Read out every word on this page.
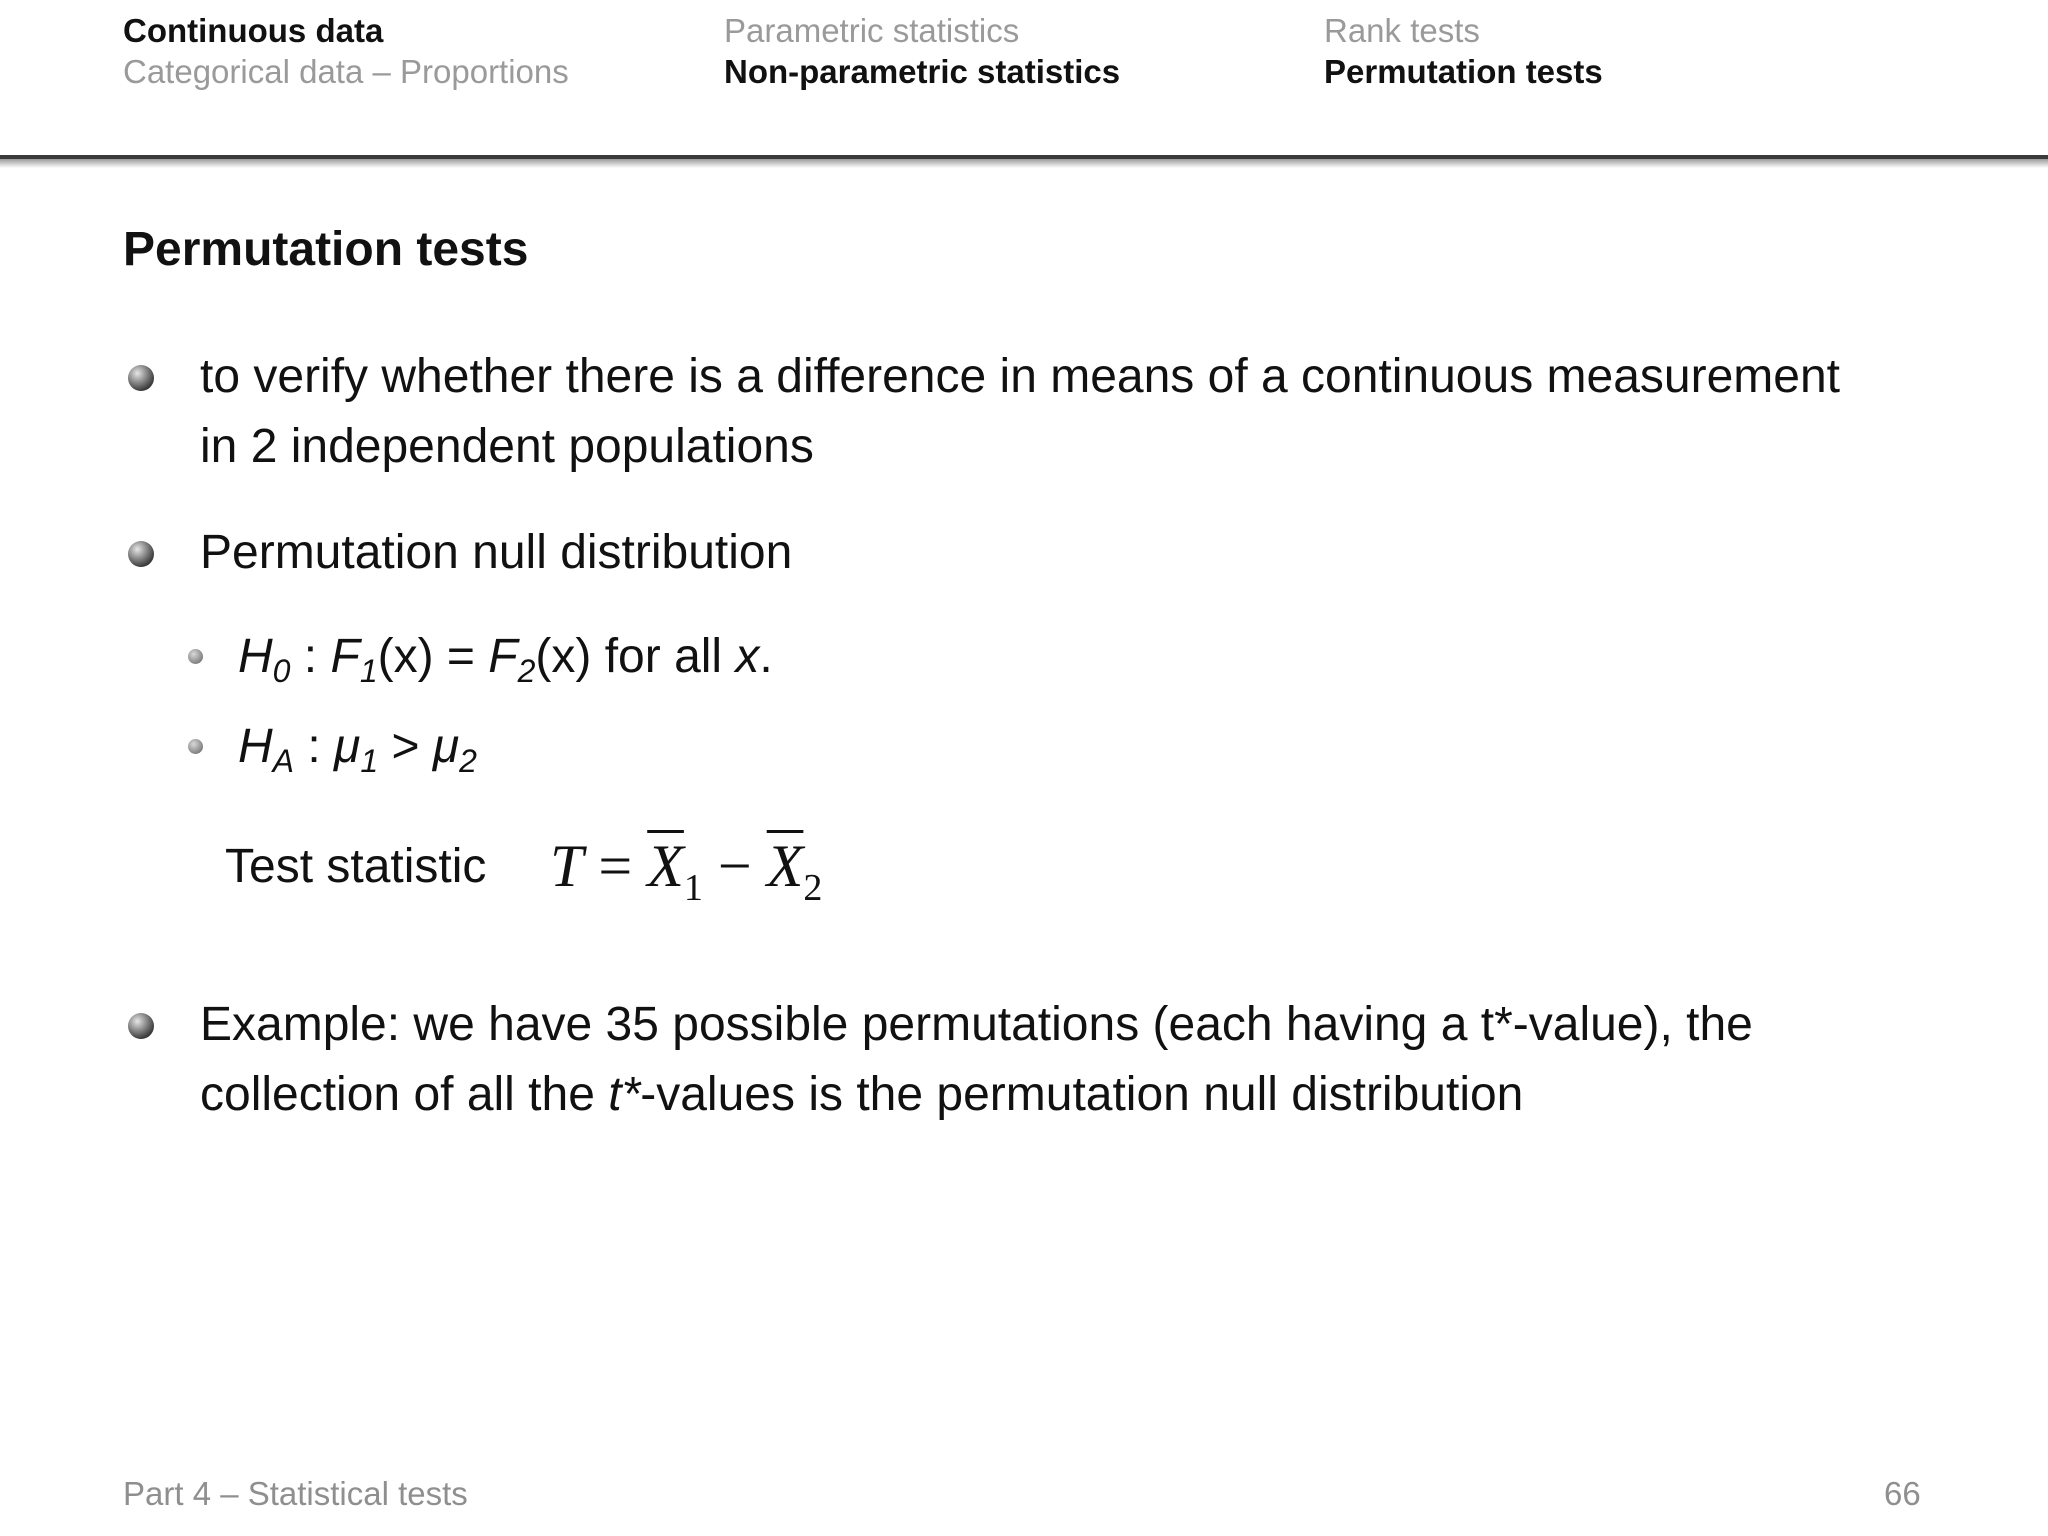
Continuous data
Categorical data – Proportions
Parametric statistics
Non-parametric statistics
Rank tests
Permutation tests
Permutation tests
to verify whether there is a difference in means of a continuous measurement
in 2 independent populations
Permutation null distribution
$H_0$ : $F_1(x) = F_2(x)$ for all x.
$H_A$ : $\mu_1 > \mu_2$
Test statistic $T = \overline{X}_1 - \overline{X}_2$
Example: we have 35 possible permutations (each having a t*-value), the
collection of all the t*-values is the permutation null distribution
Part 4 – Statistical tests	66
